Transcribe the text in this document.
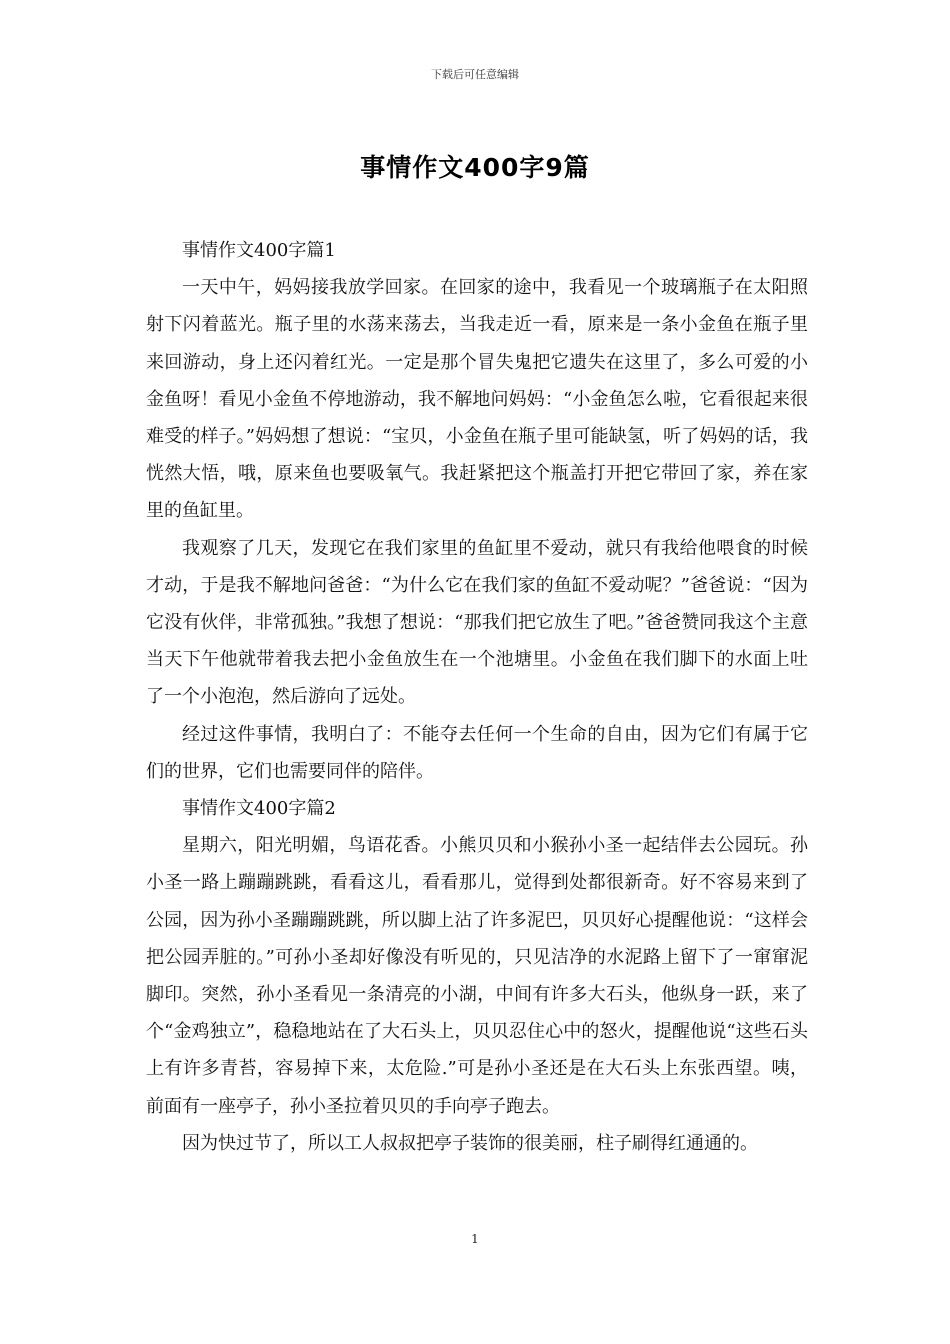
下载后可任意编辑
事情作文400字9篇

事情作文400字篇1

一天中午，妈妈接我放学回家。在回家的途中，我看见一个玻璃瓶子在太阳照射下闪着蓝光。瓶子里的水荡来荡去，当我走近一看，原来是一条小金鱼在瓶子里来回游动，身上还闪着红光。一定是那个冒失鬼把它遗失在这里了，多么可爱的小金鱼呀！看见小金鱼不停地游动，我不解地问妈妈：“小金鱼怎么啦，它看很起来很难受的样子。”妈妈想了想说：“宝贝，小金鱼在瓶子里可能缺氢，听了妈妈的话，我恍然大悟，哦，原来鱼也要吸氧气。我赶紧把这个瓶盖打开把它带回了家，养在家里的鱼缸里。

我观察了几天，发现它在我们家里的鱼缸里不爱动，就只有我给他喂食的时候才动，于是我不解地问爸爸：“为什么它在我们家的鱼缸不爱动呢？”爸爸说：“因为它没有伙伴，非常孤独。”我想了想说：“那我们把它放生了吧。”爸爸赞同我这个主意当天下午他就带着我去把小金鱼放生在一个池塘里。小金鱼在我们脚下的水面上吐了一个小泡泡，然后游向了远处。

经过这件事情，我明白了：不能夺去任何一个生命的自由，因为它们有属于它们的世界，它们也需要同伴的陪伴。

事情作文400字篇2

星期六，阳光明媚，鸟语花香。小熊贝贝和小猴孙小圣一起结伴去公园玩。孙小圣一路上蹦蹦跳跳，看看这儿，看看那儿，觉得到处都很新奇。好不容易来到了公园，因为孙小圣蹦蹦跳跳，所以脚上沾了许多泥巴，贝贝好心提醒他说：“这样会把公园弄脏的。”可孙小圣却好像没有听见的，只见洁净的水泥路上留下了一窜窜泥脚印。突然，孙小圣看见一条清亮的小湖，中间有许多大石头，他纵身一跃，来了个“金鸡独立”，稳稳地站在了大石头上，贝贝忍住心中的怒火，提醒他说“这些石头上有许多青苔，容易掉下来，太危险.”可是孙小圣还是在大石头上东张西望。咦，前面有一座亭子，孙小圣拉着贝贝的手向亭子跑去。

因为快过节了，所以工人叔叔把亭子装饰的很美丽，柱子刷得红通通的。

1
